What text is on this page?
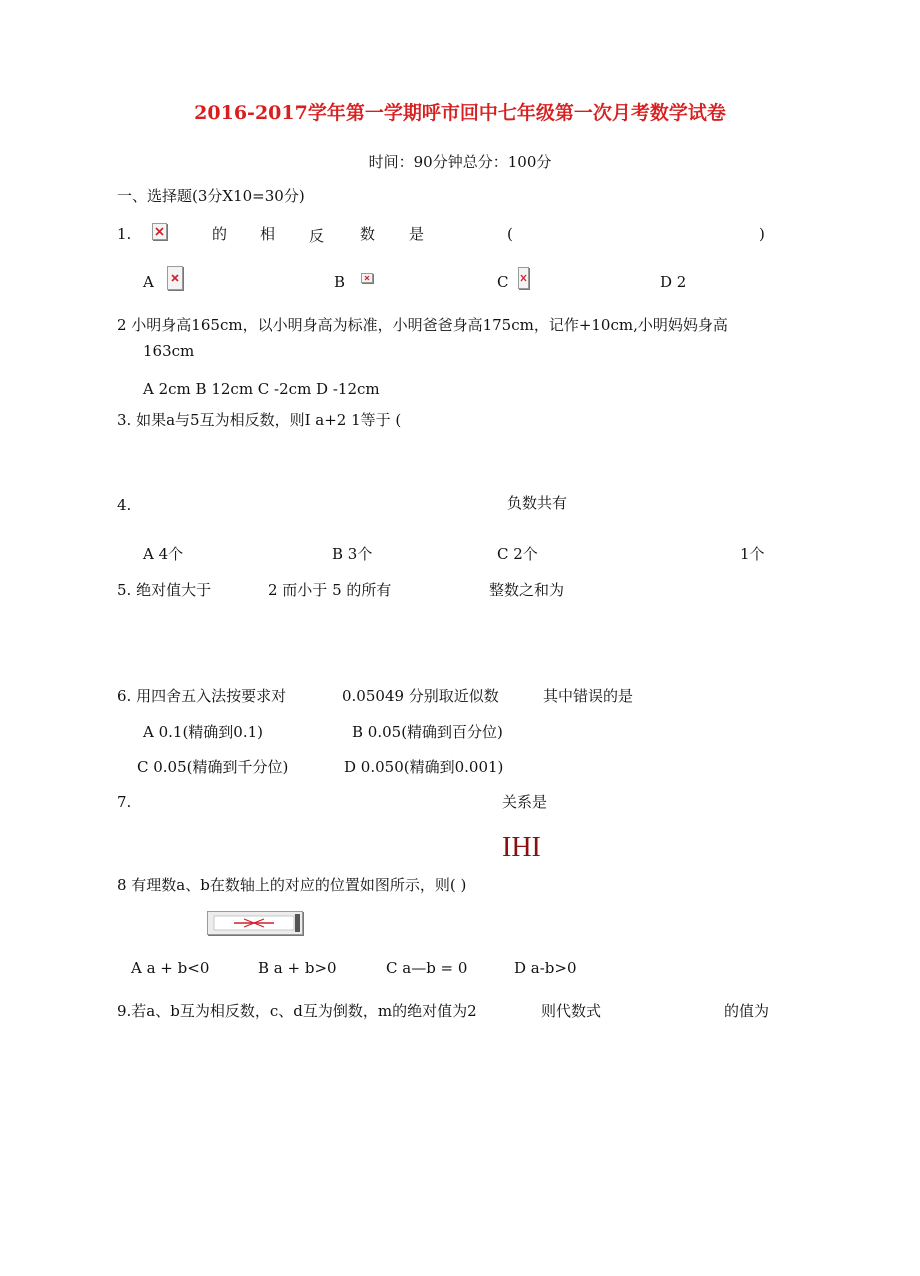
2016-2017学年第一学期呼市回中七年级第一次月考数学试卷
时间：90分钟总分：100分
一、选择题(3分X10=30分)
1.	的 相 反 数 是	(	)
A	B	C	D 2
2 小明身高165cm，以小明身高为标准，小明爸爸身高175cm，记作+10cm,小明妈妈身高
163cm
A 2cm B 12cm C -2cm D -12cm
3. 如果a与5互为相反数，则I a+2 1等于 (
4.	负数共有
A 4个	B 3个	C 2个	1个
5. 绝对值大于	2 而小于 5 的所有	整数之和为
6. 用四舍五入法按要求对	0.05049 分别取近似数	其中错误的是
A 0.1(精确到0.1)	B 0.05(精确到百分位)
C 0.05(精确到千分位)	D 0.050(精确到0.001)
7.	关系是
IHI
8 有理数a、b在数轴上的对应的位置如图所示，则( )
A a + b<0	B a + b>0	C a—b = 0	D a-b>0
9.若a、b互为相反数，c、d互为倒数，m的绝对值为2	则代数式	的值为
